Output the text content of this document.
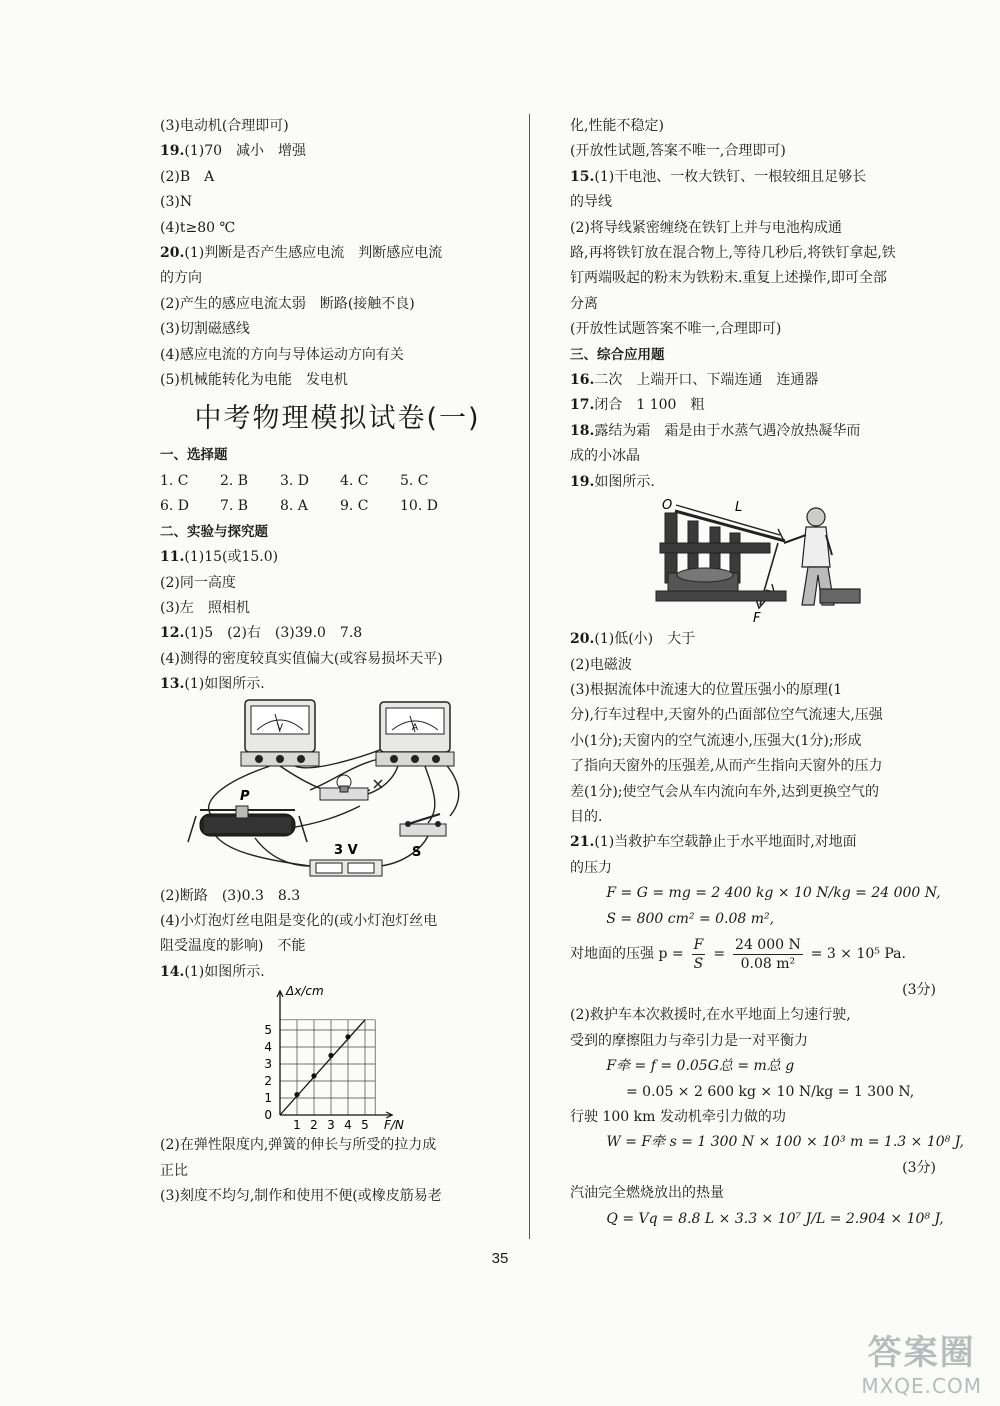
(3)电动机(合理即可)
19.(1)70　减小　增强
(2)B　A
(3)N
(4)t≥80 ℃
20.(1)判断是否产生感应电流　判断感应电流
的方向
(2)产生的感应电流太弱　断路(接触不良)
(3)切割磁感线
(4)感应电流的方向与导体运动方向有关
(5)机械能转化为电能　发电机
中考物理模拟试卷(一)
一、选择题
1. C	2. B	3. D	4. C	5. C
6. D	7. B	8. A	9. C	10. D
二、实验与探究题
11.(1)15(或15.0)
(2)同一高度
(3)左　照相机
12.(1)5　(2)右　(3)39.0　7.8
(4)测得的密度较真实值偏大(或容易损坏天平)
13.(1)如图所示.
V	A
P
S
3 V
(2)断路　(3)0.3　8.3
(4)小灯泡灯丝电阻是变化的(或小灯泡灯丝电
阻受温度的影响)　不能
14.(1)如图所示.
1 2 3 4 5
1
2
3
4
5
0
F/N
Δx/cm
(2)在弹性限度内,弹簧的伸长与所受的拉力成
正比
(3)刻度不均匀,制作和使用不便(或橡皮筋易老
化,性能不稳定)
(开放性试题,答案不唯一,合理即可)
15.(1)干电池、一枚大铁钉、一根较细且足够长
的导线
(2)将导线紧密缠绕在铁钉上并与电池构成通
路,再将铁钉放在混合物上,等待几秒后,将铁钉拿起,铁
钉两端吸起的粉末为铁粉末.重复上述操作,即可全部
分离
(开放性试题答案不唯一,合理即可)
三、综合应用题
16.二次　上端开口、下端连通　连通器
17.闭合　1 100　粗
18.露结为霜　霜是由于水蒸气遇冷放热凝华而
成的小冰晶
19.如图所示.
O	L
F
20.(1)低(小)　大于
(2)电磁波
(3)根据流体中流速大的位置压强小的原理(1
分),行车过程中,天窗外的凸面部位空气流速大,压强
小(1分);天窗内的空气流速小,压强大(1分);形成
了指向天窗外的压强差,从而产生指向天窗外的压力
差(1分);使空气会从车内流向车外,达到更换空气的
目的.
21.(1)当救护车空载静止于水平地面时,对地面
的压力
F = G = mg = 2 400 kg × 10 N/kg = 24 000 N,
S = 800 cm² = 0.08 m²,
对地面的压强 $p = \frac{F}{S} = \frac{24 000 N}{\text{0.08 m²}} = 3 \times 10^5$ Pa.
(3分)
(2)救护车本次救援时,在水平地面上匀速行驶,
受到的摩擦阻力与牵引力是一对平衡力
F牵 = f = 0.05G总 = m总 g
= 0.05 × 2 600 kg × 10 N/kg = 1 300 N,
行驶 100 km 发动机牵引力做的功
W = F牵 s = 1 300 N × 100 × 10³ m = 1.3 × 10⁸ J,
(3分)
汽油完全燃烧放出的热量
Q = Vq = 8.8 L × 3.3 × 10⁷ J/L = 2.904 × 10⁸ J,
35
答案圈
MXQE.COM
